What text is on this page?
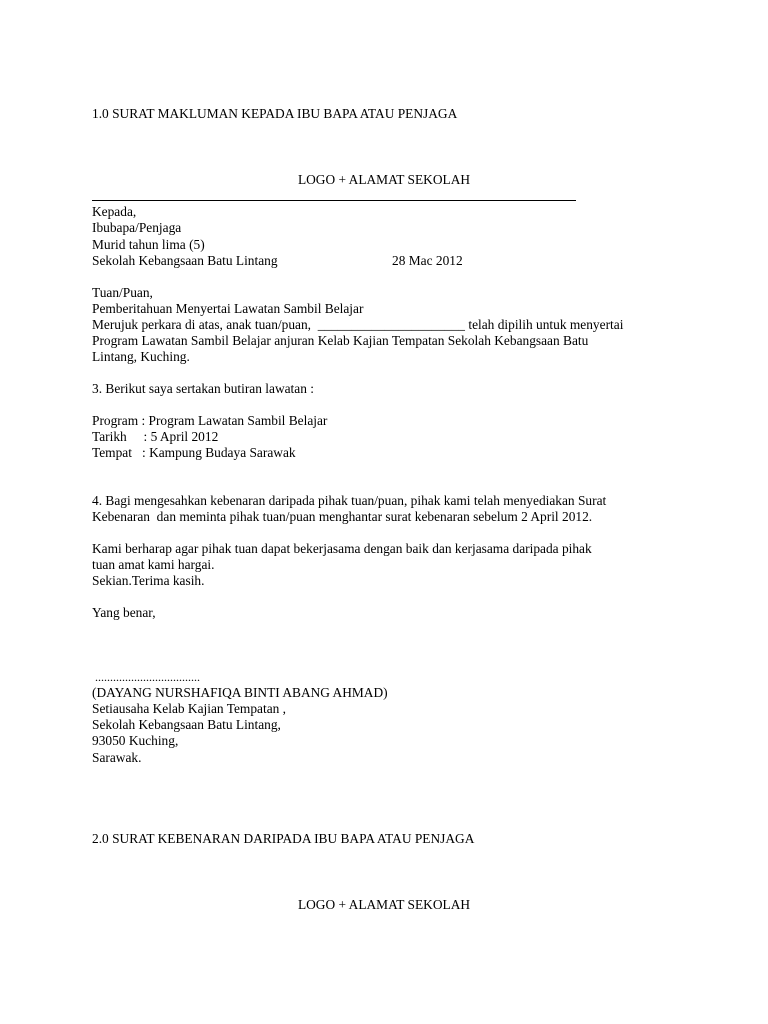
1.0 SURAT MAKLUMAN KEPADA IBU BAPA ATAU PENJAGA
LOGO + ALAMAT SEKOLAH
Kepada,
Ibubapa/Penjaga
Murid tahun lima (5)
Sekolah Kebangsaan Batu Lintang	28 Mac 2012
Tuan/Puan,
Pemberitahuan Menyertai Lawatan Sambil Belajar
Merujuk perkara di atas, anak tuan/puan,  ______________________ telah dipilih untuk menyertai
Program Lawatan Sambil Belajar anjuran Kelab Kajian Tempatan Sekolah Kebangsaan Batu
Lintang, Kuching.
3. Berikut saya sertakan butiran lawatan :
Program : Program Lawatan Sambil Belajar
Tarikh     : 5 April 2012
Tempat   : Kampung Budaya Sarawak
4. Bagi mengesahkan kebenaran daripada pihak tuan/puan, pihak kami telah menyediakan Surat
Kebenaran  dan meminta pihak tuan/puan menghantar surat kebenaran sebelum 2 April 2012.
Kami berharap agar pihak tuan dapat bekerjasama dengan baik dan kerjasama daripada pihak
tuan amat kami hargai.
Sekian.Terima kasih.
Yang benar,
...................................
(DAYANG NURSHAFIQA BINTI ABANG AHMAD)
Setiausaha Kelab Kajian Tempatan ,
Sekolah Kebangsaan Batu Lintang,
93050 Kuching,
Sarawak.
2.0 SURAT KEBENARAN DARIPADA IBU BAPA ATAU PENJAGA
LOGO + ALAMAT SEKOLAH
